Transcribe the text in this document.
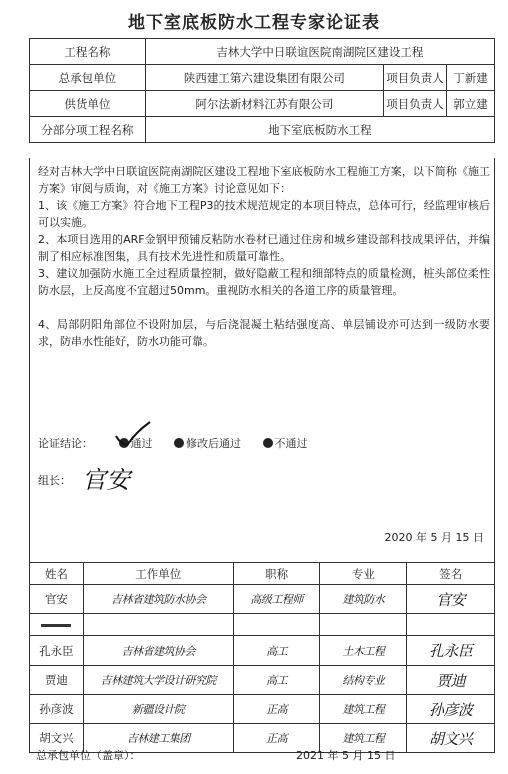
地下室底板防水工程专家论证表
工程名称	吉林大学中日联谊医院南湖院区建设工程		
总承包单位	陕西建工第六建设集团有限公司	项目负责人	丁新建
供货单位	阿尔法新材料江苏有限公司	项目负责人	郭立建
分部分项工程名称	地下室底板防水工程		
经对吉林大学中日联谊医院南湖院区建设工程地下室底板防水工程施工方案，以下简称《施工方案》审阅与质询，对《施工方案》讨论意见如下：
1、该《施工方案》符合地下工程P3的技术规范规定的本项目特点，总体可行，经监理审核后可以实施。
2、本项目选用的ARF金钢甲预铺反粘防水卷材已通过住房和城乡建设部科技成果评估，并编制了相应标准图集，具有技术先进性和质量可靠性。
3、建议加强防水施工全过程质量控制，做好隐蔽工程和细部特点的质量检测，桩头部位柔性防水层，上反高度不宜超过50mm。重视防水相关的各道工序的质量管理。
4、局部阴阳角部位不设附加层，与后浇混凝土粘结强度高、单层铺设亦可达到一级防水要求，防串水性能好，防水功能可靠。
论证结论：	通过	修改后通过	不通过
组长： 官安
2020 年 5 月 15 日
姓名	工作单位	职称	专业	签名
官安	吉林省建筑防水协会	高级工程师	建筑防水	官安

孔永臣	吉林省建筑协会	高工	土木工程	孔永臣
贾迪	吉林建筑大学设计研究院	高工	结构专业	贾迪
孙彦波	新疆设计院	正高	建筑工程	孙彦波
胡文兴	吉林建工集团	正高	建筑工程	胡文兴
总承包单位（盖章）：	2021 年 5 月 15 日
